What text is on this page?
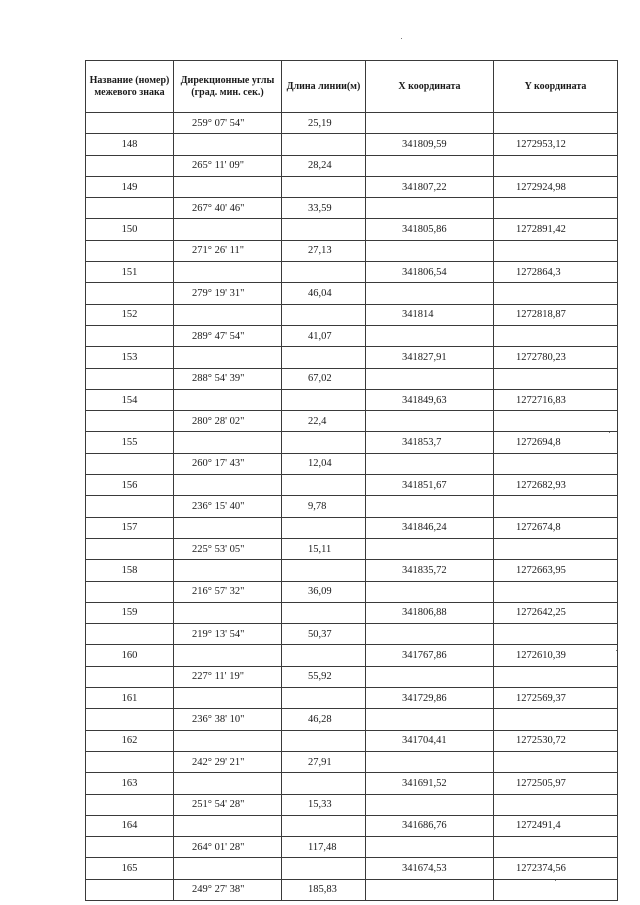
Название (номер) межевого знака	Дирекционные углы (град. мин. сек.)	Длина линии(м)	X координата	Y координата
	259° 07' 54"	25,19		
148			341809,59	1272953,12
	265° 11' 09"	28,24		
149			341807,22	1272924,98
	267° 40' 46"	33,59		
150			341805,86	1272891,42
	271° 26' 11"	27,13		
151			341806,54	1272864,3
	279° 19' 31"	46,04		
152			341814	1272818,87
	289° 47' 54"	41,07		
153			341827,91	1272780,23
	288° 54' 39"	67,02		
154			341849,63	1272716,83
	280° 28' 02"	22,4		
155			341853,7	1272694,8
	260° 17' 43"	12,04		
156			341851,67	1272682,93
	236° 15' 40"	9,78		
157			341846,24	1272674,8
	225° 53' 05"	15,11		
158			341835,72	1272663,95
	216° 57' 32"	36,09		
159			341806,88	1272642,25
	219° 13' 54"	50,37		
160			341767,86	1272610,39
	227° 11' 19"	55,92		
161			341729,86	1272569,37
	236° 38' 10"	46,28		
162			341704,41	1272530,72
	242° 29' 21"	27,91		
163			341691,52	1272505,97
	251° 54' 28"	15,33		
164			341686,76	1272491,4
	264° 01' 28"	117,48		
165			341674,53	1272374,56
	249° 27' 38"	185,83		
